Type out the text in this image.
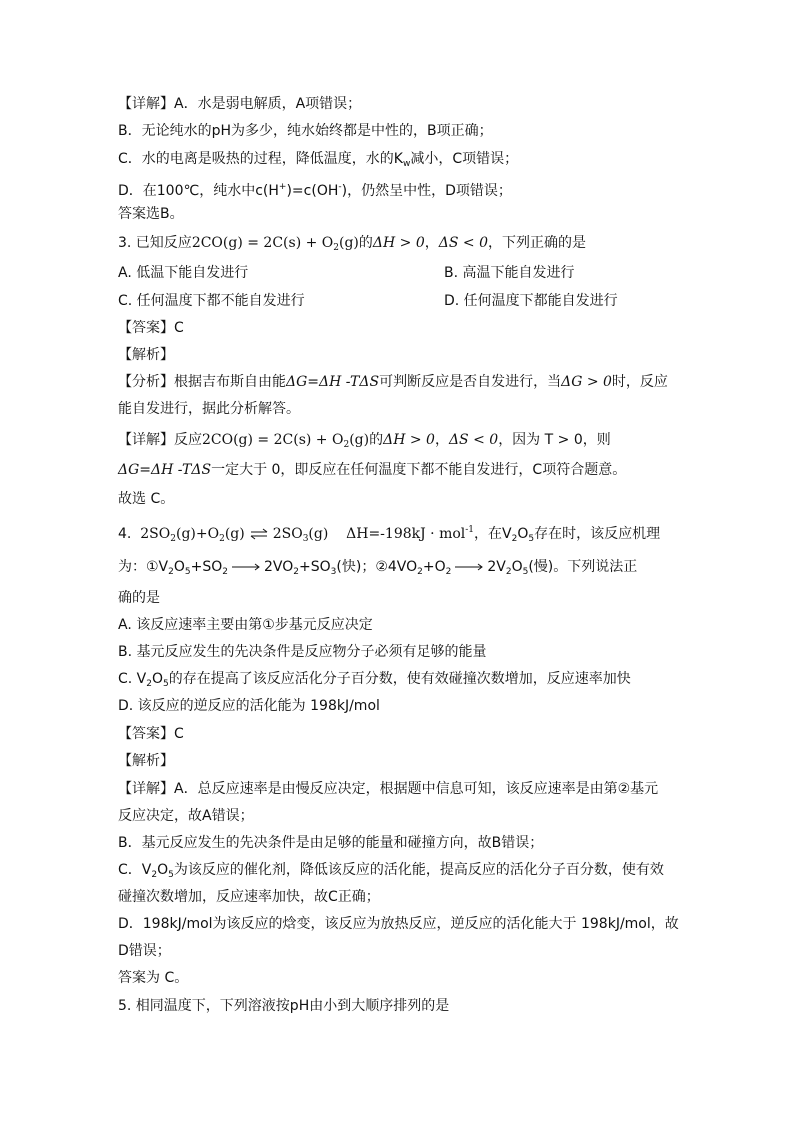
【详解】A．水是弱电解质，A项错误；
B．无论纯水的pH为多少，纯水始终都是中性的，B项正确；
C．水的电离是吸热的过程，降低温度，水的$K_w$减小，C项错误；
D．在100℃，纯水中c(H+)=c(OH-)，仍然呈中性，D项错误；
答案选B。
3. 已知反应$2CO(g) = 2C(s) + O_2(g)$的ΔH > 0，ΔS < 0，下列正确的是
A. 低温下能自发进行	B. 高温下能自发进行
C. 任何温度下都不能自发进行	D. 任何温度下都能自发进行
【答案】C
【解析】
【分析】根据吉布斯自由能ΔG=ΔH -TΔS可判断反应是否自发进行，当ΔG > 0时，反应
能自发进行，据此分析解答。
【详解】反应$2CO(g) = 2C(s) + O_2(g)$的ΔH > 0，ΔS < 0，因为 T > 0，则
ΔG=ΔH -TΔS一定大于 0，即反应在任何温度下都不能自发进行，C项符合题意。
故选 C。
4. $2SO_2(g)+O_2(g)$ ⇌ $2SO_3(g) \Delta H=-198kJ \cdot mol^{-1}$，在$V_2O_5$存在时，该反应机理
为：$①V_2O_5+SO_2 \to 2VO_2+SO_3$(快)；$②4VO_2+O_2 \to 2V_2O_5$(慢)。下列说法正
确的是
A. 该反应速率主要由第①步基元反应决定
B. 基元反应发生的先决条件是反应物分子必须有足够的能量
C. $V_2O_5$的存在提高了该反应活化分子百分数，使有效碰撞次数增加，反应速率加快
D. 该反应的逆反应的活化能为 198kJ/mol
【答案】C
【解析】
【详解】A．总反应速率是由慢反应决定，根据题中信息可知，该反应速率是由第②基元
反应决定，故A错误；
B．基元反应发生的先决条件是由足够的能量和碰撞方向，故B错误；
C．$V_2O_5$为该反应的催化剂，降低该反应的活化能，提高反应的活化分子百分数，使有效
碰撞次数增加，反应速率加快，故C正确；
D．198kJ/mol为该反应的焓变，该反应为放热反应，逆反应的活化能大于 198kJ/mol，故
D错误；
答案为 C。
5. 相同温度下，下列溶液按pH由小到大顺序排列的是
